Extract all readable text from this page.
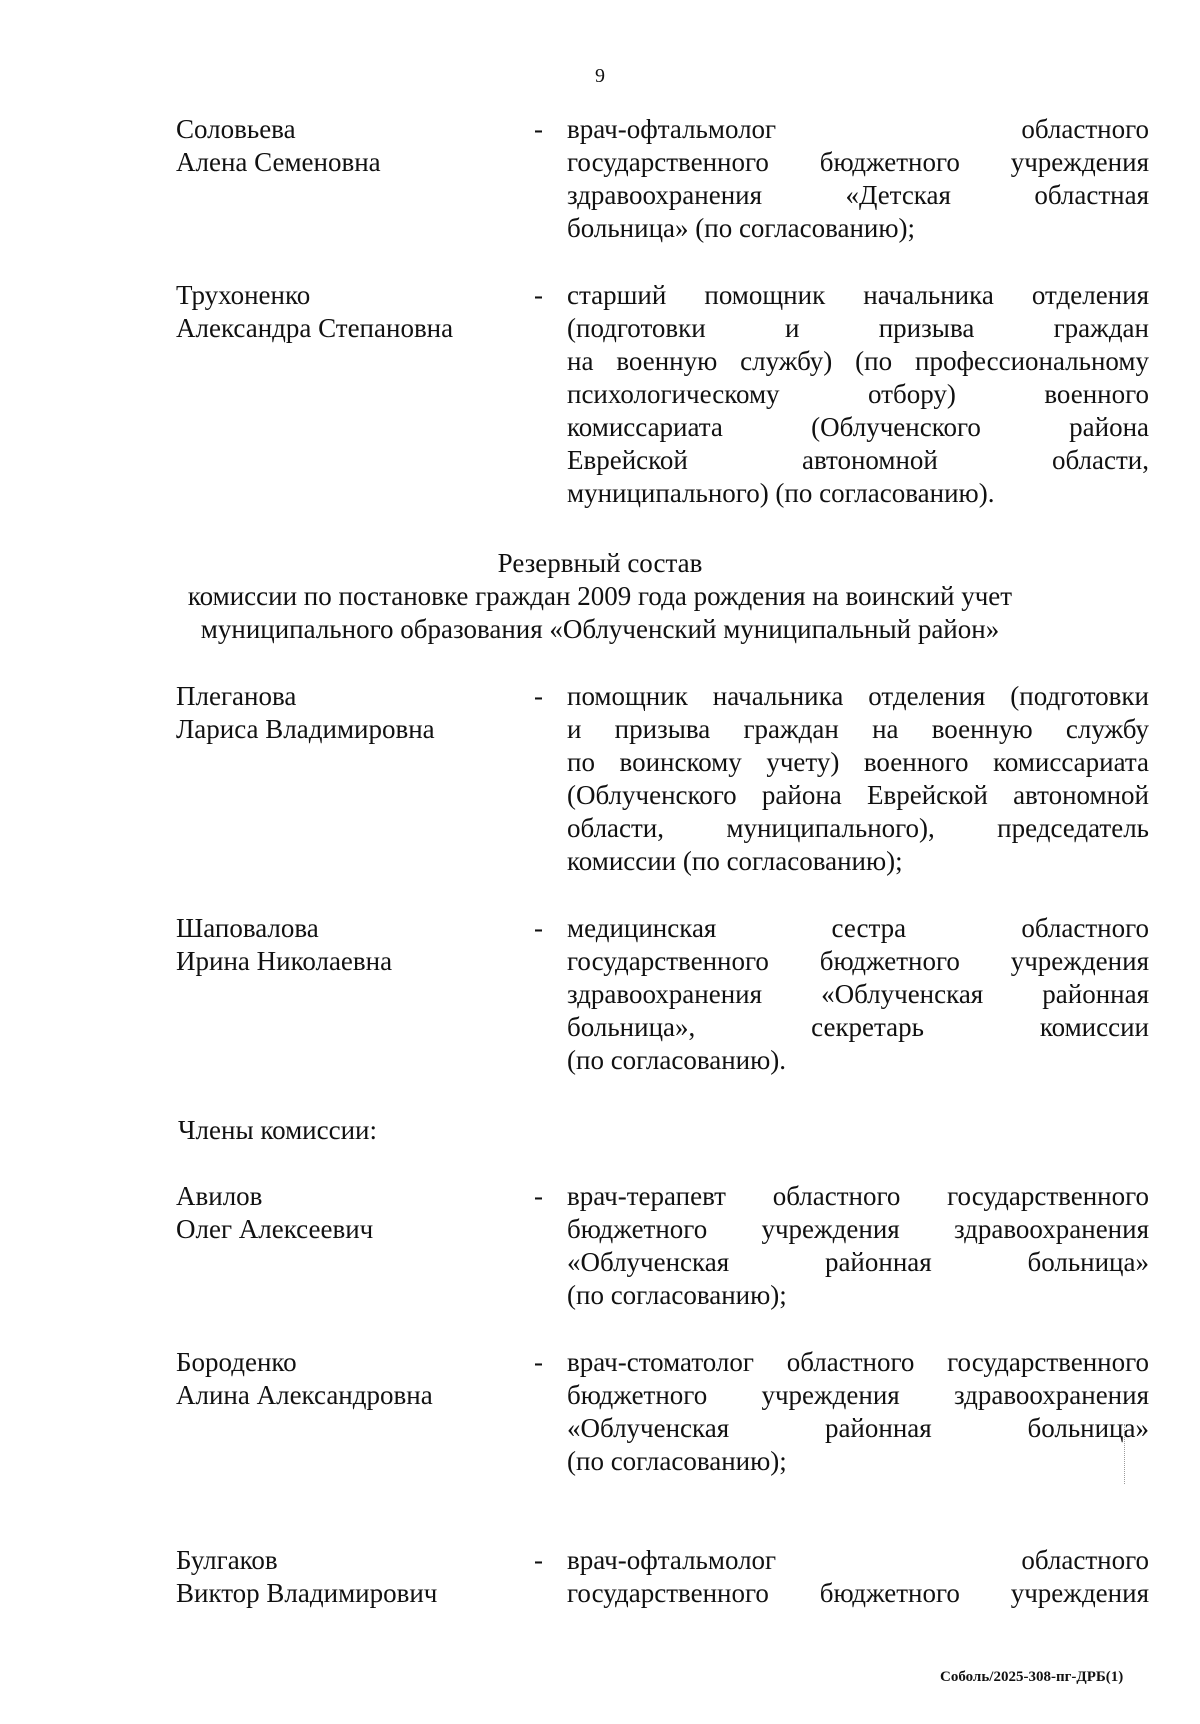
9
Соловьева
Алена Семеновна
- врач-офтальмолог областного
государственного бюджетного учреждения
здравоохранения «Детская областная
больница» (по согласованию);
Трухоненко
Александра Степановна
- старший помощник начальника отделения
(подготовки и призыва граждан
на военную службу) (по профессиональному
психологическому отбору) военного
комиссариата (Облученского района
Еврейской автономной области,
муниципального) (по согласованию).
Резервный состав
комиссии по постановке граждан 2009 года рождения на воинский учет
муниципального образования «Облученский муниципальный район»
Плеганова
Лариса Владимировна
- помощник начальника отделения (подготовки
и призыва граждан на военную службу
по воинскому учету) военного комиссариата
(Облученского района Еврейской автономной
области, муниципального), председатель
комиссии (по согласованию);
Шаповалова
Ирина Николаевна
- медицинская сестра областного
государственного бюджетного учреждения
здравоохранения «Облученская районная
больница», секретарь комиссии
(по согласованию).
Члены комиссии:
Авилов
Олег Алексеевич
- врач-терапевт областного государственного
бюджетного учреждения здравоохранения
«Облученская районная больница»
(по согласованию);
Бороденко
Алина Александровна
- врач-стоматолог областного государственного
бюджетного учреждения здравоохранения
«Облученская районная больница»
(по согласованию);
Булгаков
Виктор Владимирович
- врач-офтальмолог областного
государственного бюджетного учреждения
Соболь/2025-308-пг-ДРБ(1)
